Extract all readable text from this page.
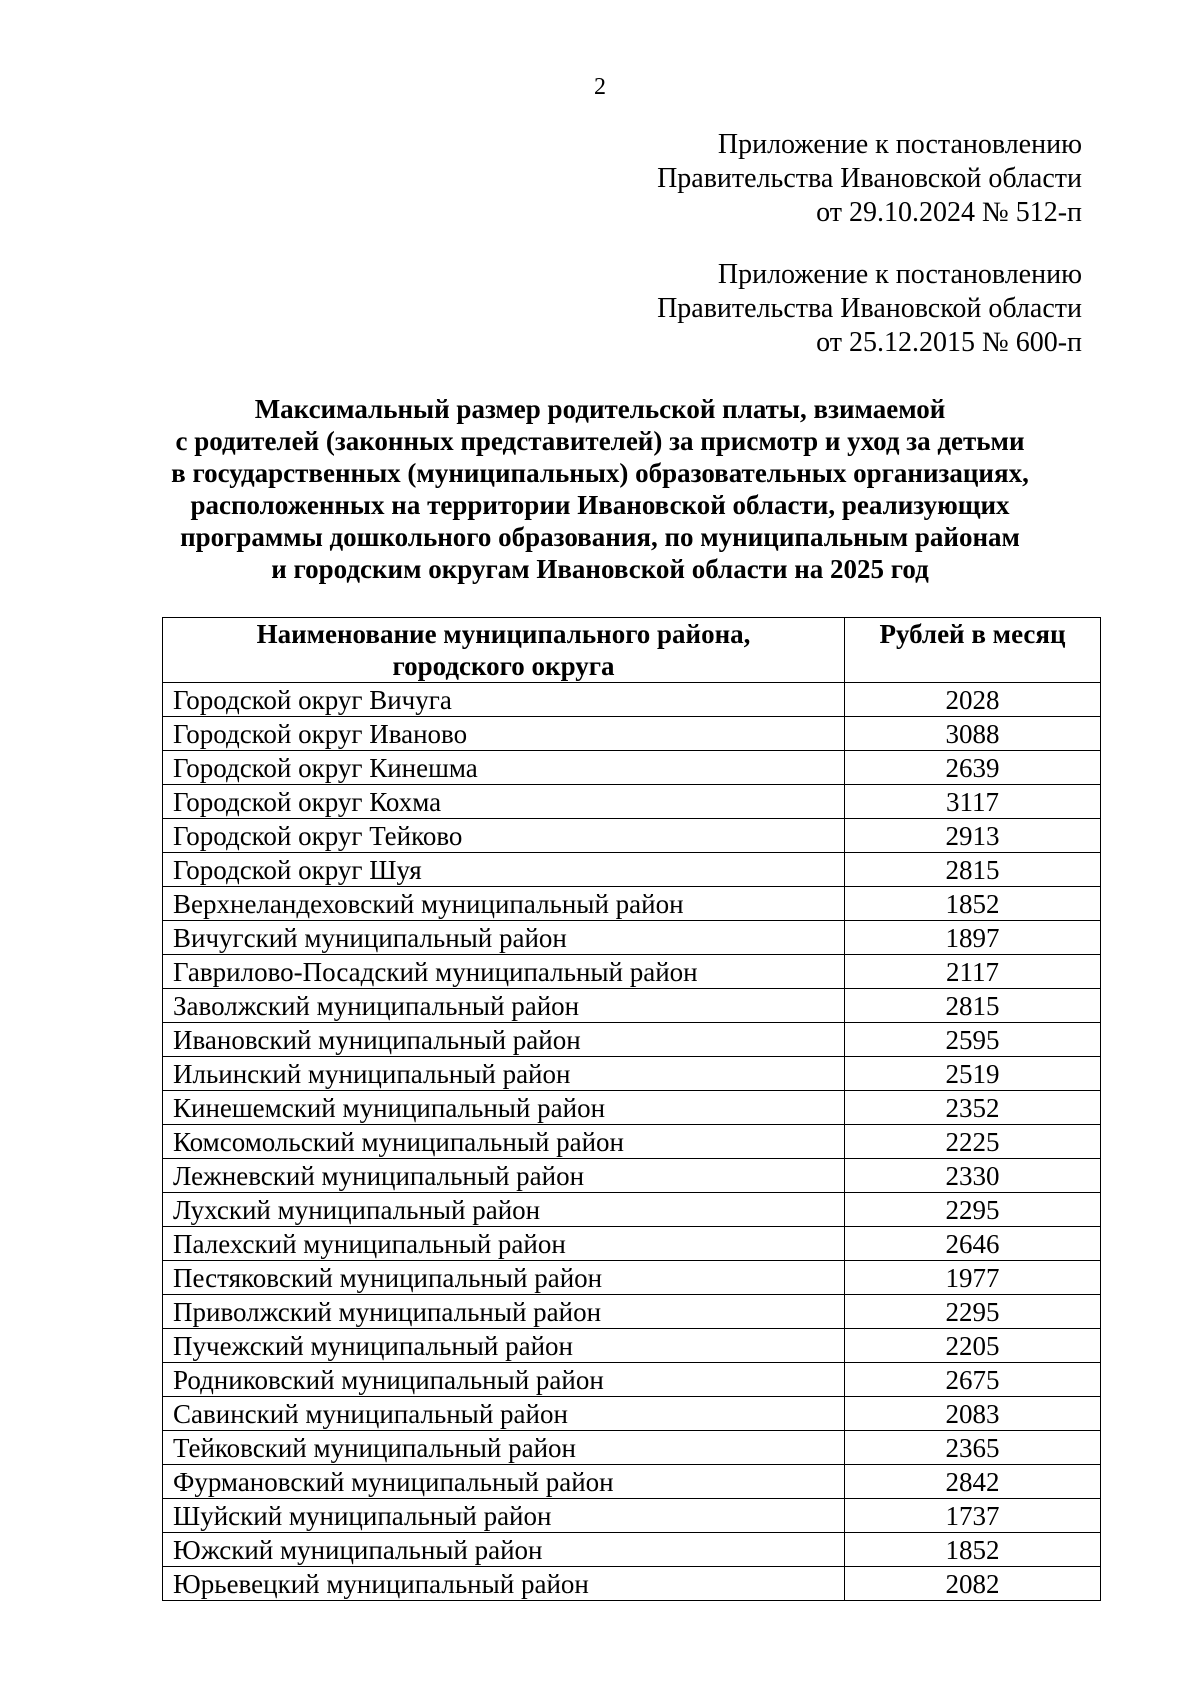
2
Приложение к постановлению
Правительства Ивановской области
от 29.10.2024 № 512-п
Приложение к постановлению
Правительства Ивановской области
от 25.12.2015 № 600-п
Максимальный размер родительской платы, взимаемой
с родителей (законных представителей) за присмотр и уход за детьми
в государственных (муниципальных) образовательных организациях,
расположенных на территории Ивановской области, реализующих
программы дошкольного образования, по муниципальным районам
и городским округам Ивановской области на 2025 год
Наименование муниципального района,
городского округа	Рублей в месяц
Городской округ Вичуга	2028
Городской округ Иваново	3088
Городской округ Кинешма	2639
Городской округ Кохма	3117
Городской округ Тейково	2913
Городской округ Шуя	2815
Верхнеландеховский муниципальный район	1852
Вичугский муниципальный район	1897
Гаврилово-Посадский муниципальный район	2117
Заволжский муниципальный район	2815
Ивановский муниципальный район	2595
Ильинский муниципальный район	2519
Кинешемский муниципальный район	2352
Комсомольский муниципальный район	2225
Лежневский муниципальный район	2330
Лухский муниципальный район	2295
Палехский муниципальный район	2646
Пестяковский муниципальный район	1977
Приволжский муниципальный район	2295
Пучежский муниципальный район	2205
Родниковский муниципальный район	2675
Савинский муниципальный район	2083
Тейковский муниципальный район	2365
Фурмановский муниципальный район	2842
Шуйский муниципальный район	1737
Южский муниципальный район	1852
Юрьевецкий муниципальный район	2082
